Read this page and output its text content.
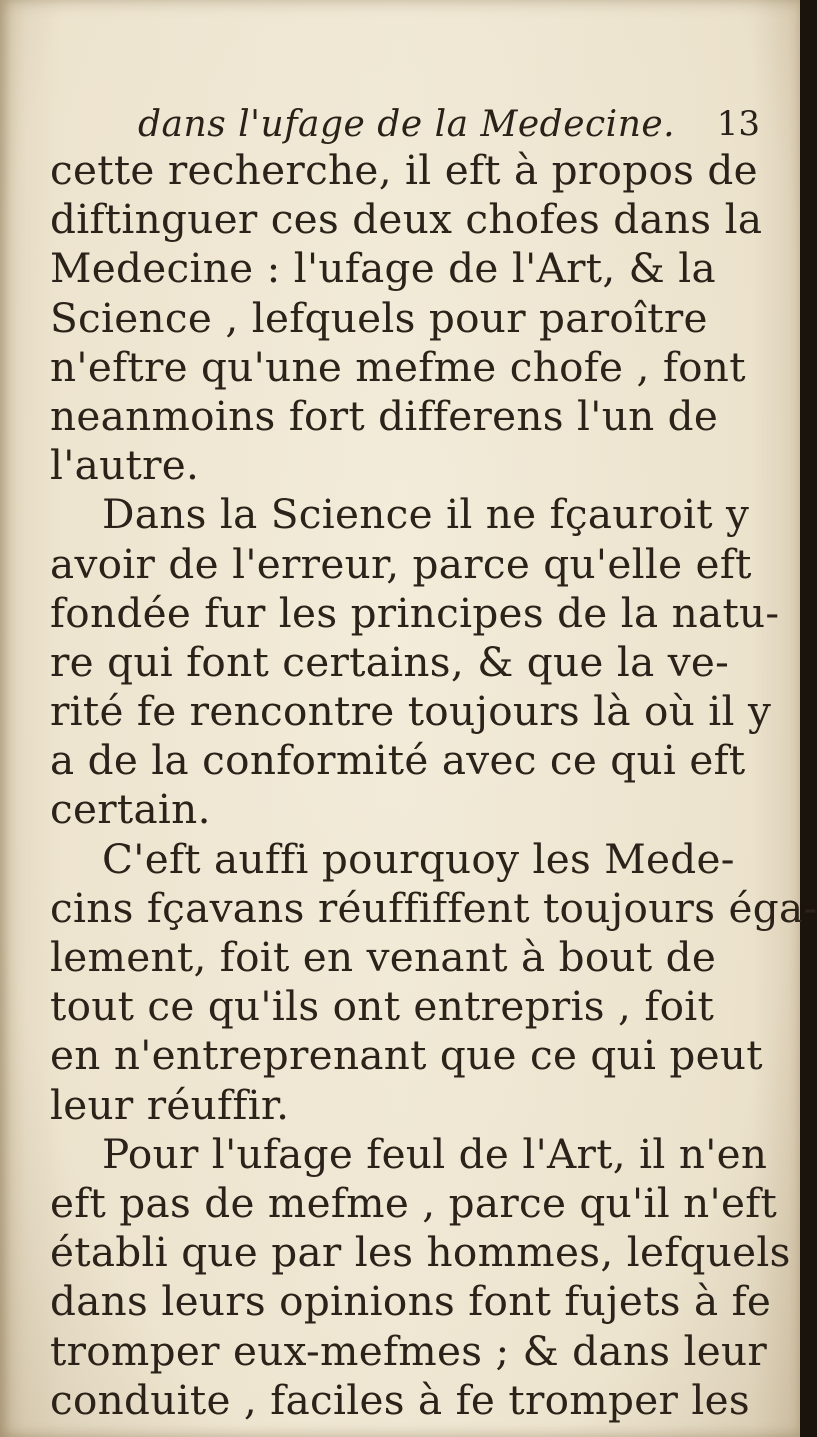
dans l'ufage de la Medecine. 13
cette recherche, il eft à propos de
diftinguer ces deux chofes dans la
Medecine : l'ufage de l'Art, & la
Science , lefquels pour paroître
n'eftre qu'une mefme chofe , font
neanmoins fort differens l'un de
l'autre.
Dans la Science il ne fçauroit y
avoir de l'erreur, parce qu'elle eft
fondée fur les principes de la natu-
re qui font certains, & que la ve-
rité fe rencontre toujours là où il y
a de la conformité avec ce qui eft
certain.
C'eft auffi pourquoy les Mede-
cins fçavans réuffiffent toujours éga-
lement, foit en venant à bout de
tout ce qu'ils ont entrepris , foit
en n'entreprenant que ce qui peut
leur réuffir.
Pour l'ufage feul de l'Art, il n'en
eft pas de mefme , parce qu'il n'eft
établi que par les hommes, lefquels
dans leurs opinions font fujets à fe
tromper eux-mefmes ; & dans leur
conduite , faciles à fe tromper les
